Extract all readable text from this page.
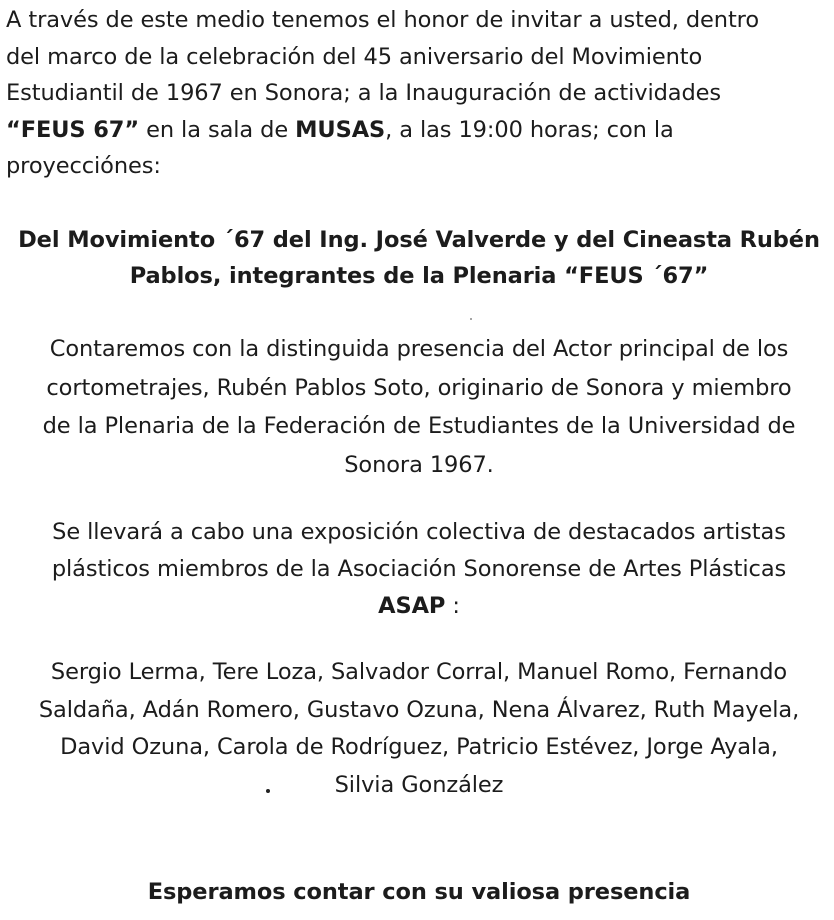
A través de este medio tenemos el honor de invitar a usted, dentro
del marco de la celebración del 45 aniversario del Movimiento
Estudiantil de 1967 en Sonora; a la Inauguración de actividades
“FEUS 67” en la sala de MUSAS, a las 19:00 horas; con la
proyecciónes:
Del Movimiento ´67 del Ing. José Valverde y del Cineasta Rubén
Pablos, integrantes de la Plenaria “FEUS ´67”
Contaremos con la distinguida presencia del Actor principal de los
cortometrajes, Rubén Pablos Soto, originario de Sonora y miembro
de la Plenaria de la Federación de Estudiantes de la Universidad de
Sonora 1967.
Se llevará a cabo una exposición colectiva de destacados artistas
plásticos miembros de la Asociación Sonorense de Artes Plásticas
ASAP :
Sergio Lerma, Tere Loza, Salvador Corral, Manuel Romo, Fernando
Saldaña, Adán Romero, Gustavo Ozuna, Nena Álvarez, Ruth Mayela,
David Ozuna, Carola de Rodríguez, Patricio Estévez, Jorge Ayala,
Silvia González
Esperamos contar con su valiosa presencia
